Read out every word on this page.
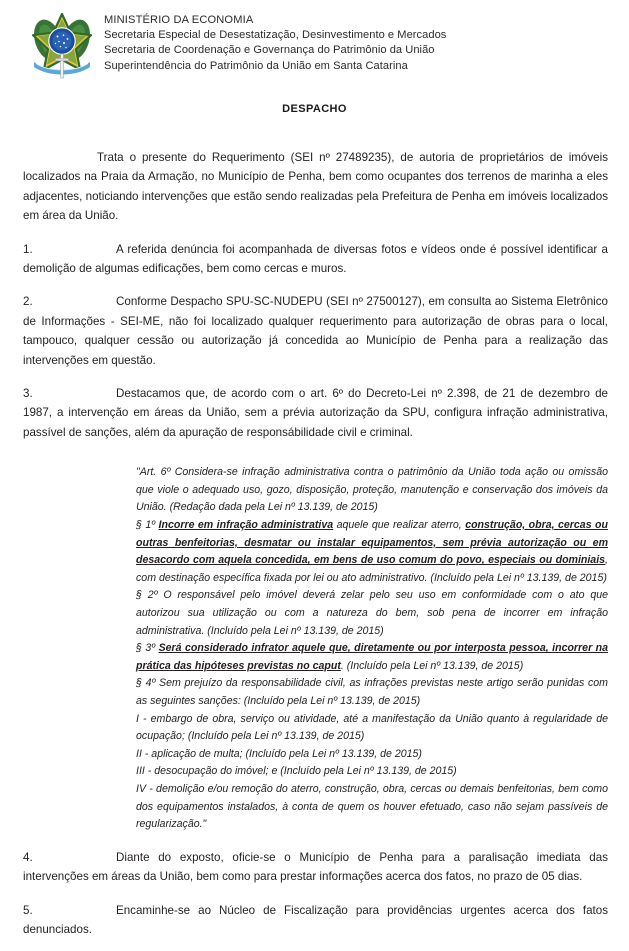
MINISTÉRIO DA ECONOMIA
Secretaria Especial de Desestatização, Desinvestimento e Mercados
Secretaria de Coordenação e Governança do Patrimônio da União
Superintendência do Patrimônio da União em Santa Catarina
DESPACHO

Trata o presente do Requerimento (SEI nº 27489235), de autoria de proprietários de imóveis localizados na Praia da Armação, no Município de Penha, bem como ocupantes dos terrenos de marinha a eles adjacentes, noticiando intervenções que estão sendo realizadas pela Prefeitura de Penha em imóveis localizados em área da União.

1.	A referida denúncia foi acompanhada de diversas fotos e vídeos onde é possível identificar a demolição de algumas edificações, bem como cercas e muros.
2.	Conforme Despacho SPU-SC-NUDEPU (SEI nº 27500127), em consulta ao Sistema Eletrônico de Informações - SEI-ME, não foi localizado qualquer requerimento para autorização de obras para o local, tampouco, qualquer cessão ou autorização já concedida ao Município de Penha para a realização das intervenções em questão.
3.	Destacamos que, de acordo com o art. 6º do Decreto-Lei nº 2.398, de 21 de dezembro de 1987, a intervenção em áreas da União, sem a prévia autorização da SPU, configura infração administrativa, passível de sanções, além da apuração de responsábilidade civil e criminal.

"Art. 6º Considera-se infração administrativa contra o patrimônio da União toda ação ou omissão que viole o adequado uso, gozo, disposição, proteção, manutenção e conservação dos imóveis da União. (Redação dada pela Lei nº 13.139, de 2015)

§ 1º Incorre em infração administrativa aquele que realizar aterro, construção, obra, cercas ou outras benfeitorias, desmatar ou instalar equipamentos, sem prévia autorização ou em desacordo com aquela concedida, em bens de uso comum do povo, especiais ou dominiais, com destinação específica fixada por lei ou ato administrativo. (Incluído pela Lei nº 13.139, de 2015)

§ 2º O responsável pelo imóvel deverá zelar pelo seu uso em conformidade com o ato que autorizou sua utilização ou com a natureza do bem, sob pena de incorrer em infração administrativa. (Incluído pela Lei nº 13.139, de 2015)

§ 3º Será considerado infrator aquele que, diretamente ou por interposta pessoa, incorrer na prática das hipóteses previstas no caput. (Incluído pela Lei nº 13.139, de 2015)

§ 4º Sem prejuízo da responsabilidade civil, as infrações previstas neste artigo serão punidas com as seguintes sanções: (Incluído pela Lei nº 13.139, de 2015)

I - embargo de obra, serviço ou atividade, até a manifestação da União quanto à regularidade de ocupação; (Incluído pela Lei nº 13.139, de 2015)

II - aplicação de multa; (Incluído pela Lei nº 13.139, de 2015)

III - desocupação do imóvel; e (Incluído pela Lei nº 13.139, de 2015)

IV - demolição e/ou remoção do aterro, construção, obra, cercas ou demais benfeitorias, bem como dos equipamentos instalados, à conta de quem os houver efetuado, caso não sejam passíveis de regularização."

4.	Diante do exposto, oficie-se o Município de Penha para a paralisação imediata das intervenções em áreas da União, bem como para prestar informações acerca dos fatos, no prazo de 05 dias.
5.	Encaminhe-se ao Núcleo de Fiscalização para providências urgentes acerca dos fatos denunciados.
